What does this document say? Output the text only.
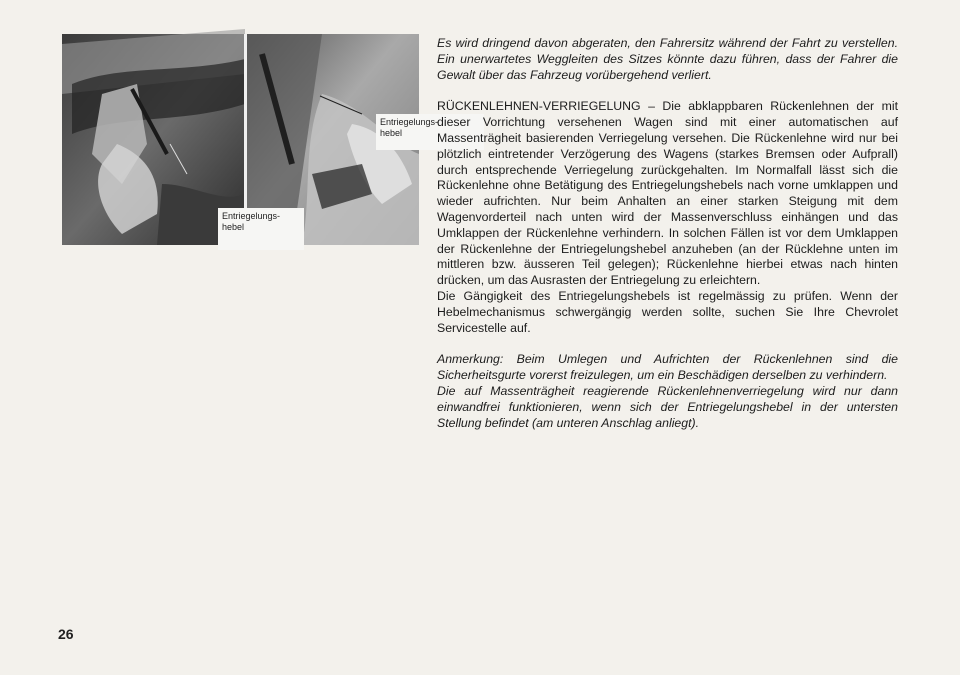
Entriegelungs-
hebel
Entriegelungs-
hebel

Es wird dringend davon abgeraten, den Fahrersitz während der Fahrt zu verstellen. Ein unerwartetes Weggleiten des Sitzes könnte dazu führen, dass der Fahrer die Gewalt über das Fahrzeug vorübergehend verliert.

RÜCKENLEHNEN-VERRIEGELUNG – Die abklappbaren Rückenlehnen der mit dieser Vorrichtung versehenen Wagen sind mit einer automatischen auf Massenträgheit basierenden Verriegelung versehen. Die Rückenlehne wird nur bei plötzlich eintretender Verzögerung des Wagens (starkes Bremsen oder Aufprall) durch entsprechende Verriegelung zurückgehalten. Im Normalfall lässt sich die Rückenlehne ohne Betätigung des Entriegelungshebels nach vorne umklappen und wieder aufrichten. Nur beim Anhalten an einer starken Steigung mit dem Wagenvorderteil nach unten wird der Massenverschluss einhängen und das Umklappen der Rückenlehne verhindern. In solchen Fällen ist vor dem Umklappen der Rückenlehne der Entriegelungshebel anzuheben (an der Rücklehne unten im mittleren bzw. äusseren Teil gelegen); Rückenlehne hierbei etwas nach hinten drücken, um das Ausrasten der Entriegelung zu erleichtern.

Die Gängigkeit des Entriegelungshebels ist regelmässig zu prüfen. Wenn der Hebelmechanismus schwergängig werden sollte, suchen Sie Ihre Chevrolet Servicestelle auf.

Anmerkung: Beim Umlegen und Aufrichten der Rückenlehnen sind die Sicherheitsgurte vorerst freizulegen, um ein Beschädigen derselben zu verhindern.

Die auf Massenträgheit reagierende Rückenlehnenverriegelung wird nur dann einwandfrei funktionieren, wenn sich der Entriegelungshebel in der untersten Stellung befindet (am unteren Anschlag anliegt).

26
